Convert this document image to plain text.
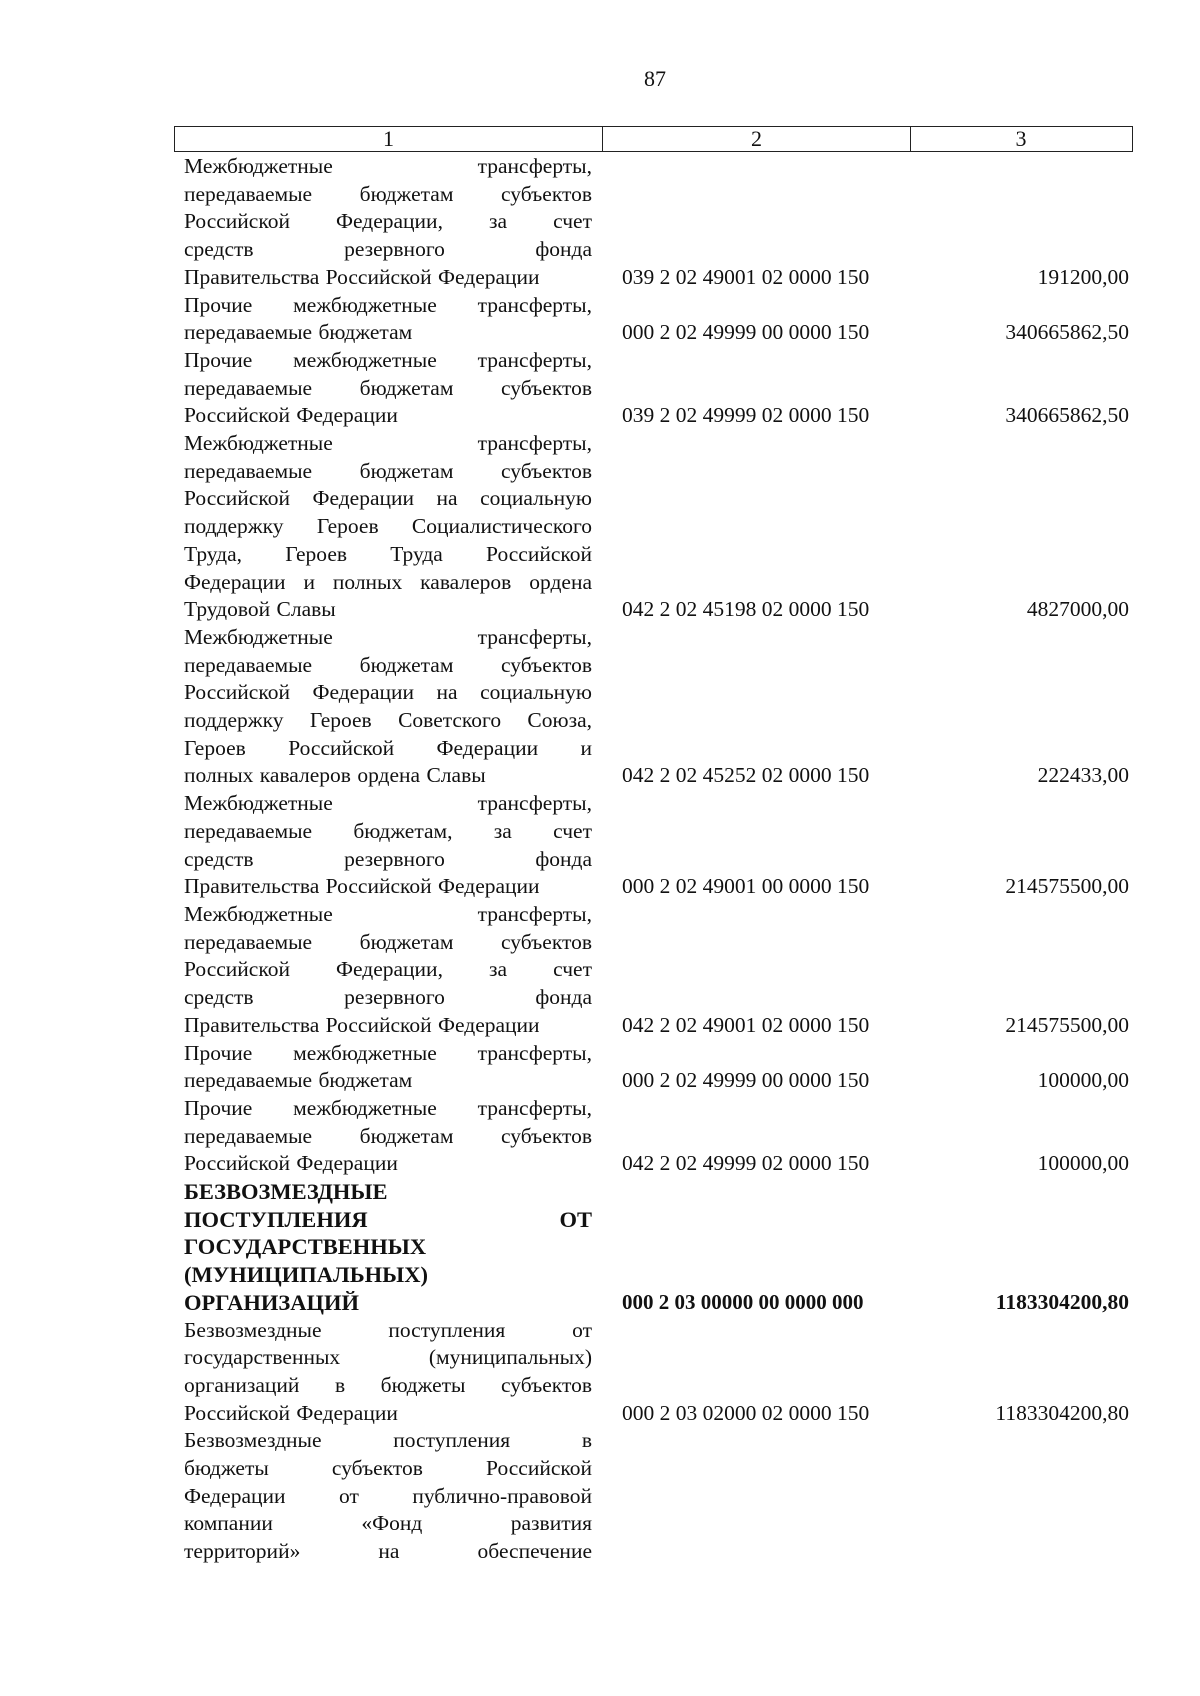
87
1	2	3
Межбюджетные трансферты,
передаваемые бюджетам субъектов
Российской Федерации, за счет
средств резервного фонда
Правительства Российской Федерации	039 2 02 49001 02 0000 150	191200,00
Прочие межбюджетные трансферты,
передаваемые бюджетам	000 2 02 49999 00 0000 150	340665862,50
Прочие межбюджетные трансферты,
передаваемые бюджетам субъектов
Российской Федерации	039 2 02 49999 02 0000 150	340665862,50
Межбюджетные трансферты,
передаваемые бюджетам субъектов
Российской Федерации на социальную
поддержку Героев Социалистического
Труда, Героев Труда Российской
Федерации и полных кавалеров ордена
Трудовой Славы	042 2 02 45198 02 0000 150	4827000,00
Межбюджетные трансферты,
передаваемые бюджетам субъектов
Российской Федерации на социальную
поддержку Героев Советского Союза,
Героев Российской Федерации и
полных кавалеров ордена Славы	042 2 02 45252 02 0000 150	222433,00
Межбюджетные трансферты,
передаваемые бюджетам, за счет
средств резервного фонда
Правительства Российской Федерации	000 2 02 49001 00 0000 150	214575500,00
Межбюджетные трансферты,
передаваемые бюджетам субъектов
Российской Федерации, за счет
средств резервного фонда
Правительства Российской Федерации	042 2 02 49001 02 0000 150	214575500,00
Прочие межбюджетные трансферты,
передаваемые бюджетам	000 2 02 49999 00 0000 150	100000,00
Прочие межбюджетные трансферты,
передаваемые бюджетам субъектов
Российской Федерации	042 2 02 49999 02 0000 150	100000,00
БЕЗВОЗМЕЗДНЫЕ
ПОСТУПЛЕНИЯ ОТ
ГОСУДАРСТВЕННЫХ
(МУНИЦИПАЛЬНЫХ)
ОРГАНИЗАЦИЙ	000 2 03 00000 00 0000 000	1183304200,80
Безвозмездные поступления от
государственных (муниципальных)
организаций в бюджеты субъектов
Российской Федерации	000 2 03 02000 02 0000 150	1183304200,80
Безвозмездные поступления в
бюджеты субъектов Российской
Федерации от публично-правовой
компании «Фонд развития
территорий» на обеспечение
